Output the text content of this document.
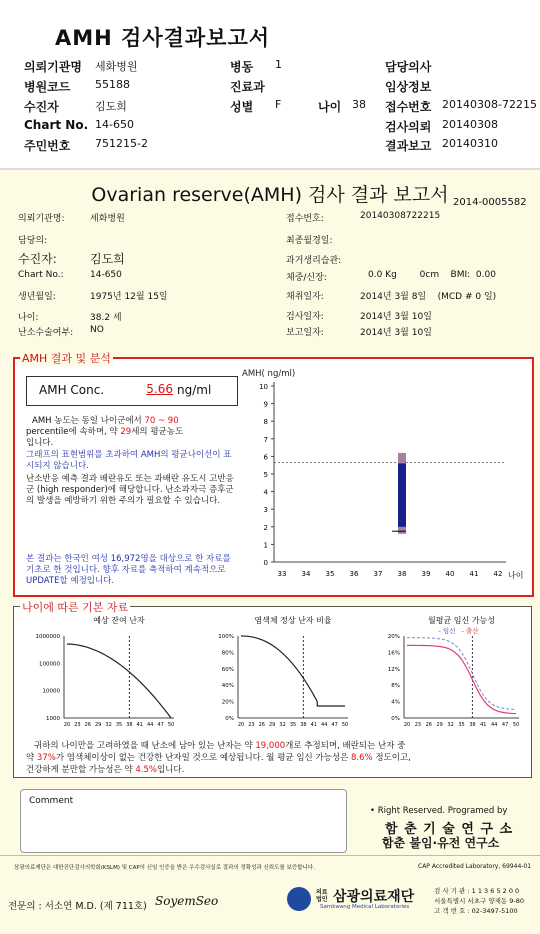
AMH 검사결과보고서
의뢰기관명 세화병원	병동 1	담당의사
병원코드 55188	진료과	임상정보
수진자	김도희	성별 F	나이 38 접수번호 20140308-72215
Chart No. 14-650	검사의뢰 20140308
주민번호 751215-2	결과보고 20140310
Ovarian reserve(AMH) 검사 결과 보고서 2014-0005582
의뢰기관명:	세화병원
담당의:
수진자:	김도희
Chart No.:	14-650
생년월일:	1975년 12월 15일
나이:	38.2 세
난소수술여부: NO
접수번호:	20140308722215
최종월경일:
과거생리습관:
체중/신장:	0.0 Kg        0cm    BMI:  0.00
채취일자:	2014년 3월 8일    (MCD # 0 일)
검사일자:	2014년 3월 10일
보고일자:	2014년 3월 10일
AMH 결과 및 분석
AMH Conc.	5.66 ng/ml
AMH 농도는 동일 나이군에서 70 ~ 90
percentile에 속하며, 약 29세의 평균농도
입니다.
그래프의 표현범위를 초과하여 AMH의 평균나이선이 표시되지 않습니다.
난소반응 예측 결과 배란유도 또는 과배란 유도시 고반응군 (high responder)에 해당합니다. 난소과자극 증후군의 발생을 예방하기 위한 주의가 필요할 수 있습니다.
본 결과는 한국인 여성 16,972명을 대상으로 한 자료를 기초로 한 것입니다. 향후 자료를 축적하여 계속적으로 UPDATE할 예정입니다.
AMH( ng/ml)
0
1
2
3
4
5
6
7
8
9
10
33 34 35 36 37 38 39 40 41 42 나이
나이에 따른 기본 자료
예상 잔여 난자
1000000
100000
10000
1000
20 23 26 29 32 35 38 41 44 47 50
염색체 정상 난자 비율
100%
80%
60%
40%
20%
0%
20 23 26 29 32 35 38 41 44 47 50
월평균 임신 가능성
20%
16%
12%
8%
4%
0%
20 23 26 29 32 35 38 41 44 47 50
- 임신 - 출산
귀하의 나이만을 고려하였을 때 난소에 남아 있는 난자는 약 19,000개로 추정되며, 배란되는 난자 중
약 37%가 염색체이상이 없는 건강한 난자일 것으로 예상됩니다. 월 평균 임신 가능성은 8.6% 정도이고,
건강하게 분만할 가능성은 약 4.5%입니다.
Comment
• Right Reserved. Programed by
함 춘 기 술 연 구 소
함춘 불임·유전 연구소
삼광의료재단은 대한진단검사의학회(KSLM) 및 CAP의 신임 인증을 받은 우수검사실로 결과의 정확성과 신뢰도를 보증합니다.	CAP Accredited Laboratory, 69944-01
전문의 : 서소연 M.D. (제 711호) SoyemSeo
의료
법인 삼광의료재단
Samkwang Medical Laboratories
검 사 기 관 : 1 1 3 6 5 2 0 0
서울특별시 서초구 양재동 9-80
고 객 번 호 : 02-3497-5100
